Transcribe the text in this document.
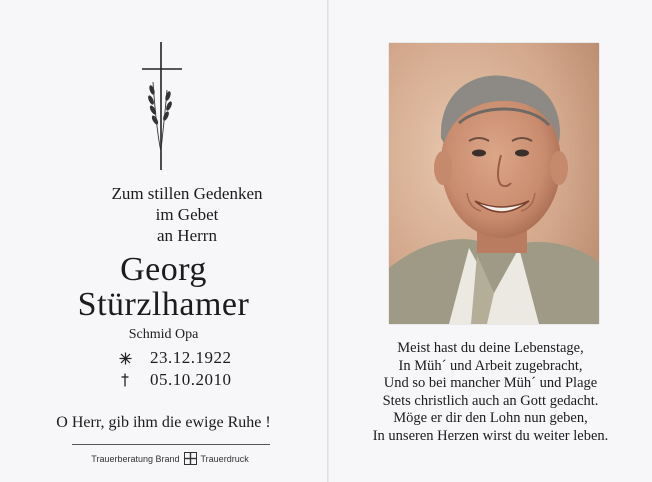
Zum stillen Gedenken
im Gebet
an Herrn
Georg
Stürzlhamer
Schmid Opa
23.12.1922
05.10.2010
O Herr, gib ihm die ewige Ruhe !
Trauerberatung Brand Trauerdruck
Meist hast du deine Lebenstage,
In Müh´ und Arbeit zugebracht,
Und so bei mancher Müh´ und Plage
Stets christlich auch an Gott gedacht.
Möge er dir den Lohn nun geben,
In unseren Herzen wirst du weiter leben.
